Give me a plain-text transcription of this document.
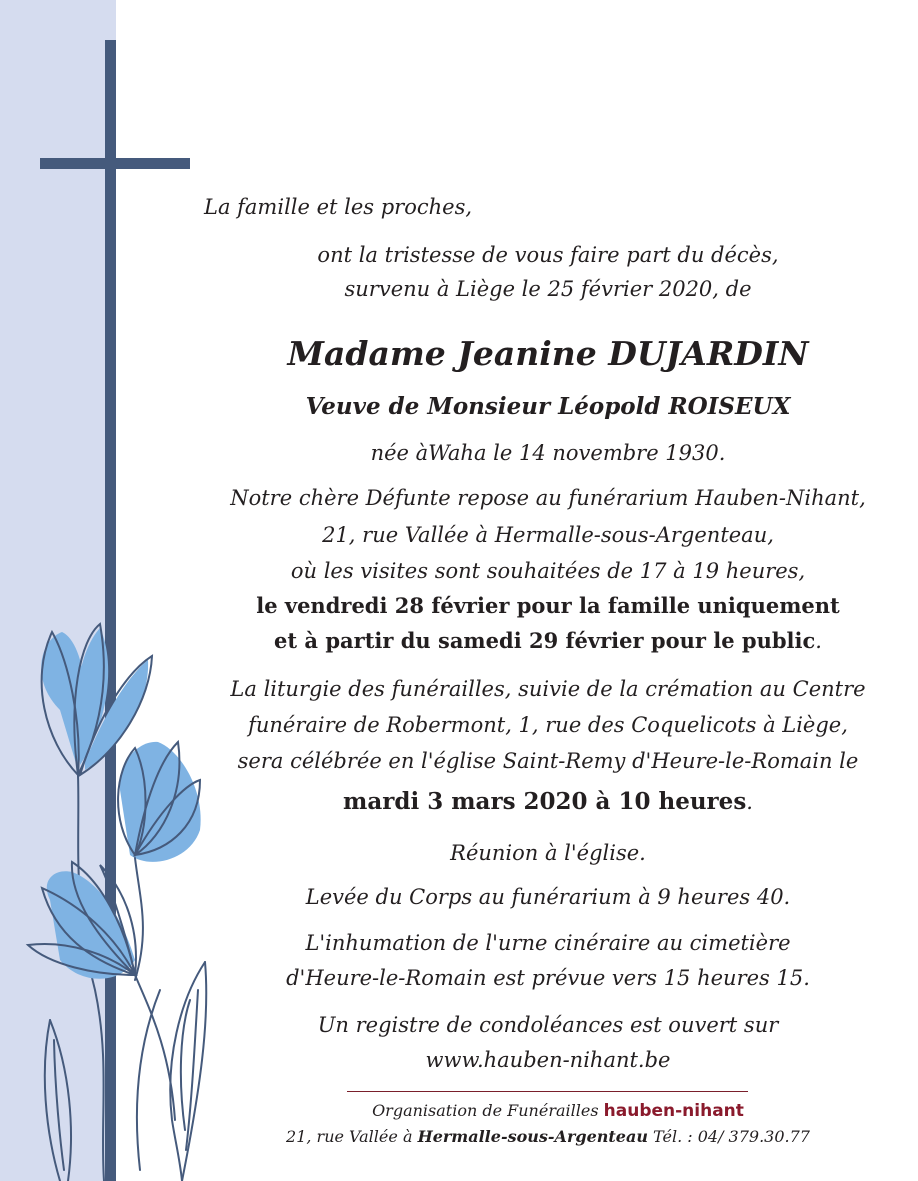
La famille et les proches,
ont la tristesse de vous faire part du décès,
survenu à Liège le 25 février 2020, de
Madame Jeanine DUJARDIN
Veuve de Monsieur Léopold ROISEUX
née àWaha le 14 novembre 1930.
Notre chère Défunte repose au funérarium Hauben-Nihant,
21, rue Vallée à Hermalle-sous-Argenteau,
où les visites sont souhaitées de 17 à 19 heures,
le vendredi 28 février pour la famille uniquement
et à partir du samedi 29 février pour le public.
La liturgie des funérailles, suivie de la crémation au Centre
funéraire de Robermont, 1, rue des Coquelicots à Liège,
sera célébrée en l'église Saint-Remy d'Heure-le-Romain le
mardi 3 mars 2020 à 10 heures.
Réunion à l'église.
Levée du Corps au funérarium à 9 heures 40.
L'inhumation de l'urne cinéraire au cimetière
d'Heure-le-Romain est prévue vers 15 heures 15.
Un registre de condoléances est ouvert sur
www.hauben-nihant.be
Organisation de Funérailles hauben-nihant
21, rue Vallée à Hermalle-sous-Argenteau Tél. : 04/ 379.30.77
